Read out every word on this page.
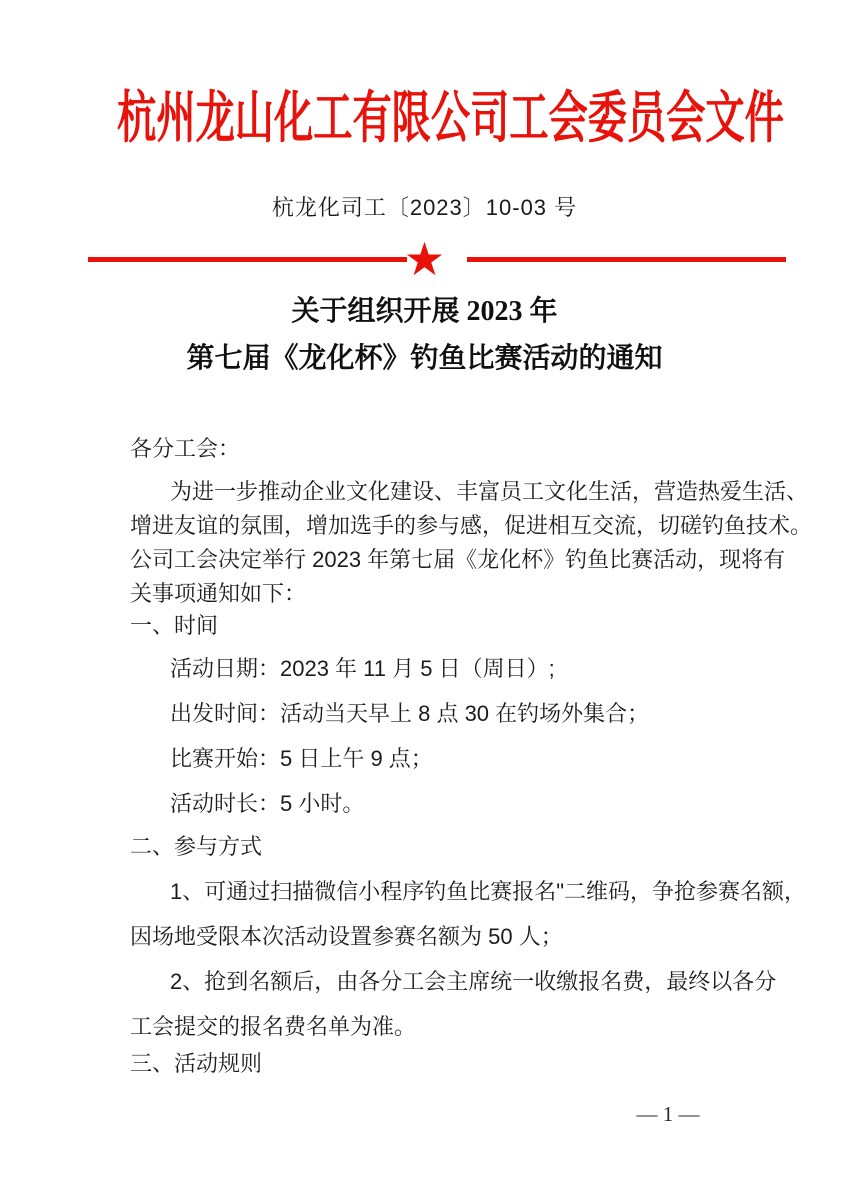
杭州龙山化工有限公司工会委员会文件
杭龙化司工〔2023〕10-03 号
★
关于组织开展 2023 年
第七届《龙化杯》钓鱼比赛活动的通知
各分工会：
为进一步推动企业文化建设、丰富员工文化生活，营造热爱生活、
增进友谊的氛围，增加选手的参与感，促进相互交流，切磋钓鱼技术。
公司工会决定举行 2023 年第七届《龙化杯》钓鱼比赛活动，现将有
关事项通知如下：
一、时间
活动日期：2023 年 11 月 5 日（周日）;
出发时间：活动当天早上 8 点 30 在钓场外集合；
比赛开始：5 日上午 9 点；
活动时长：5 小时。
二、参与方式
1、可通过扫描微信小程序钓鱼比赛报名"二维码，争抢参赛名额，
因场地受限本次活动设置参赛名额为 50 人；
2、抢到名额后，由各分工会主席统一收缴报名费，最终以各分
工会提交的报名费名单为准。
三、活动规则
— 1 —
